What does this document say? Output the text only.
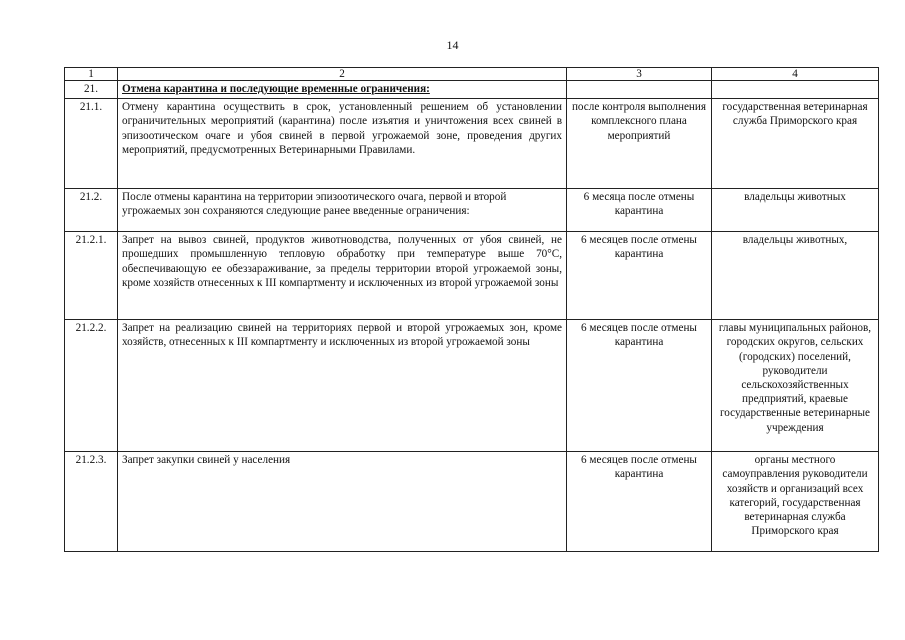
14
1	2	3	4
21.	Отмена карантина и последующие временные ограничения:		
21.1.	Отмену карантина осуществить в срок, установленный решением об установлении ограничительных мероприятий (карантина) после изъятия и уничтожения всех свиней в эпизоотическом очаге и убоя свиней в первой угрожаемой зоне, проведения других мероприятий, предусмотренных Ветеринарными Правилами.	после контроля выполнения комплексного плана мероприятий	государственная ветеринарная служба Приморского края
21.2.	После отмены карантина на территории эпизоотического очага, первой и второй угрожаемых зон сохраняются следующие ранее введенные ограничения:	6 месяца после отмены карантина	владельцы животных
21.2.1.	Запрет на вывоз свиней, продуктов животноводства, полученных от убоя свиней, не прошедших промышленную тепловую обработку при температуре выше 70°С, обеспечивающую ее обеззараживание, за пределы территории второй угрожаемой зоны, кроме хозяйств отнесенных к III компартменту и исключенных из второй угрожаемой зоны	6 месяцев после отмены карантина	владельцы животных,
21.2.2.	Запрет на реализацию свиней на территориях первой и второй угрожаемых зон, кроме хозяйств, отнесенных к III компартменту и исключенных из второй угрожаемой зоны	6 месяцев после отмены карантина	главы муниципальных районов, городских округов, сельских (городских) поселений, руководители сельскохозяйственных предприятий, краевые государственные ветеринарные учреждения
21.2.3.	Запрет закупки свиней у населения	6 месяцев после отмены карантина	органы местного самоуправления руководители хозяйств и организаций всех категорий, государственная ветеринарная служба Приморского края
